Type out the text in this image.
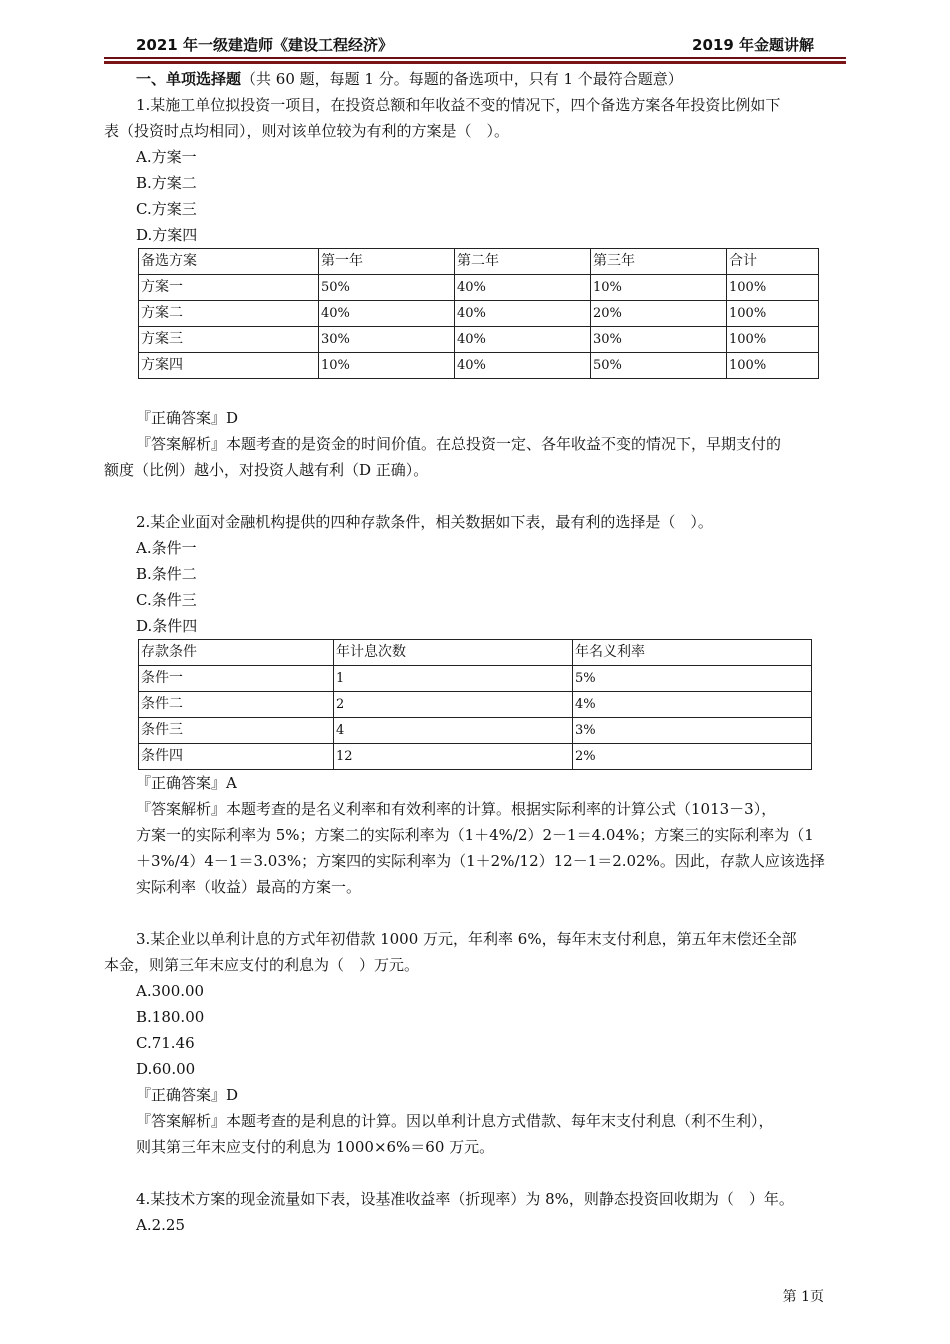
2021 年一级建造师《建设工程经济》	2019 年金题讲解
一、单项选择题（共 60 题，每题 1 分。每题的备选项中，只有 1 个最符合题意）
1.某施工单位拟投资一项目，在投资总额和年收益不变的情况下，四个备选方案各年投资比例如下
表（投资时点均相同），则对该单位较为有利的方案是（　）。
A.方案一
B.方案二
C.方案三
D.方案四
备选方案	第一年	第二年	第三年	合计
方案一	50%	40%	10%	100%
方案二	40%	40%	20%	100%
方案三	30%	40%	30%	100%
方案四	10%	40%	50%	100%
『正确答案』D
『答案解析』本题考查的是资金的时间价值。在总投资一定、各年收益不变的情况下，早期支付的
额度（比例）越小，对投资人越有利（D 正确）。
2.某企业面对金融机构提供的四种存款条件，相关数据如下表，最有利的选择是（　）。
A.条件一
B.条件二
C.条件三
D.条件四
存款条件	年计息次数	年名义利率
条件一	1	5%
条件二	2	4%
条件三	4	3%
条件四	12	2%
『正确答案』A
『答案解析』本题考查的是名义利率和有效利率的计算。根据实际利率的计算公式（1013－3），
方案一的实际利率为 5%；方案二的实际利率为（1＋4%/2）2－1＝4.04%；方案三的实际利率为（1
＋3%/4）4－1＝3.03%；方案四的实际利率为（1＋2%/12）12－1＝2.02%。因此，存款人应该选择
实际利率（收益）最高的方案一。
3.某企业以单利计息的方式年初借款 1000 万元，年利率 6%，每年末支付利息，第五年末偿还全部
本金，则第三年末应支付的利息为（　）万元。
A.300.00
B.180.00
C.71.46
D.60.00
『正确答案』D
『答案解析』本题考查的是利息的计算。因以单利计息方式借款、每年末支付利息（利不生利），
则其第三年末应支付的利息为 1000×6%＝60 万元。
4.某技术方案的现金流量如下表，设基准收益率（折现率）为 8%，则静态投资回收期为（　）年。
A.2.25
第 1页
